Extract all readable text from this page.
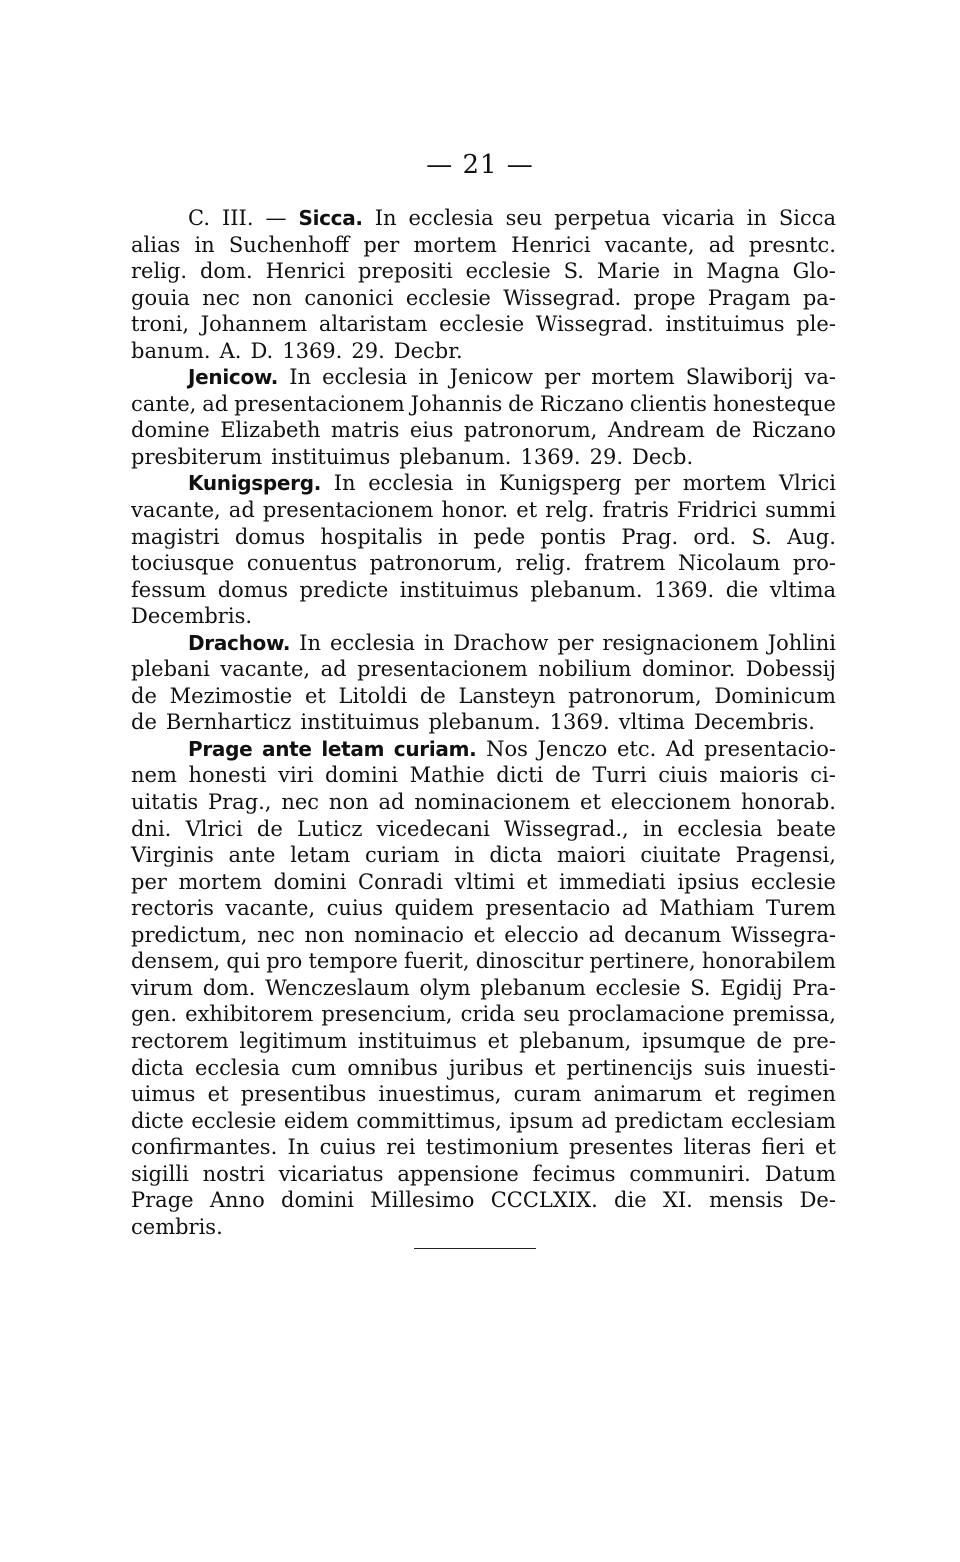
— 21 —
C. III. — Sicca. In ecclesia seu perpetua vicaria in Sicca
alias in Suchenhoff per mortem Henrici vacante, ad presntc.
relig. dom. Henrici prepositi ecclesie S. Marie in Magna Glo-
gouia nec non canonici ecclesie Wissegrad. prope Pragam pa-
troni, Johannem altaristam ecclesie Wissegrad. instituimus ple-
banum. A. D. 1369. 29. Decbr.
Jenicow. In ecclesia in Jenicow per mortem Slawiborij va-
cante, ad presentacionem Johannis de Riczano clientis honesteque
domine Elizabeth matris eius patronorum, Andream de Riczano
presbiterum instituimus plebanum. 1369. 29. Decb.
Kunigsperg. In ecclesia in Kunigsperg per mortem Vlrici
vacante, ad presentacionem honor. et relg. fratris Fridrici summi
magistri domus hospitalis in pede pontis Prag. ord. S. Aug.
tociusque conuentus patronorum, relig. fratrem Nicolaum pro-
fessum domus predicte instituimus plebanum. 1369. die vltima
Decembris.
Drachow. In ecclesia in Drachow per resignacionem Johlini
plebani vacante, ad presentacionem nobilium dominor. Dobessij
de Mezimostie et Litoldi de Lansteyn patronorum, Dominicum
de Bernharticz instituimus plebanum. 1369. vltima Decembris.
Prage ante letam curiam. Nos Jenczo etc. Ad presentacio-
nem honesti viri domini Mathie dicti de Turri ciuis maioris ci-
uitatis Prag., nec non ad nominacionem et eleccionem honorab.
dni. Vlrici de Luticz vicedecani Wissegrad., in ecclesia beate
Virginis ante letam curiam in dicta maiori ciuitate Pragensi,
per mortem domini Conradi vltimi et immediati ipsius ecclesie
rectoris vacante, cuius quidem presentacio ad Mathiam Turem
predictum, nec non nominacio et eleccio ad decanum Wissegra-
densem, qui pro tempore fuerit, dinoscitur pertinere, honorabilem
virum dom. Wenczeslaum olym plebanum ecclesie S. Egidij Pra-
gen. exhibitorem presencium, crida seu proclamacione premissa,
rectorem legitimum instituimus et plebanum, ipsumque de pre-
dicta ecclesia cum omnibus juribus et pertinencijs suis inuesti-
uimus et presentibus inuestimus, curam animarum et regimen
dicte ecclesie eidem committimus, ipsum ad predictam ecclesiam
confirmantes. In cuius rei testimonium presentes literas fieri et
sigilli nostri vicariatus appensione fecimus communiri. Datum
Prage Anno domini Millesimo CCCLXIX. die XI. mensis De-
cembris.
